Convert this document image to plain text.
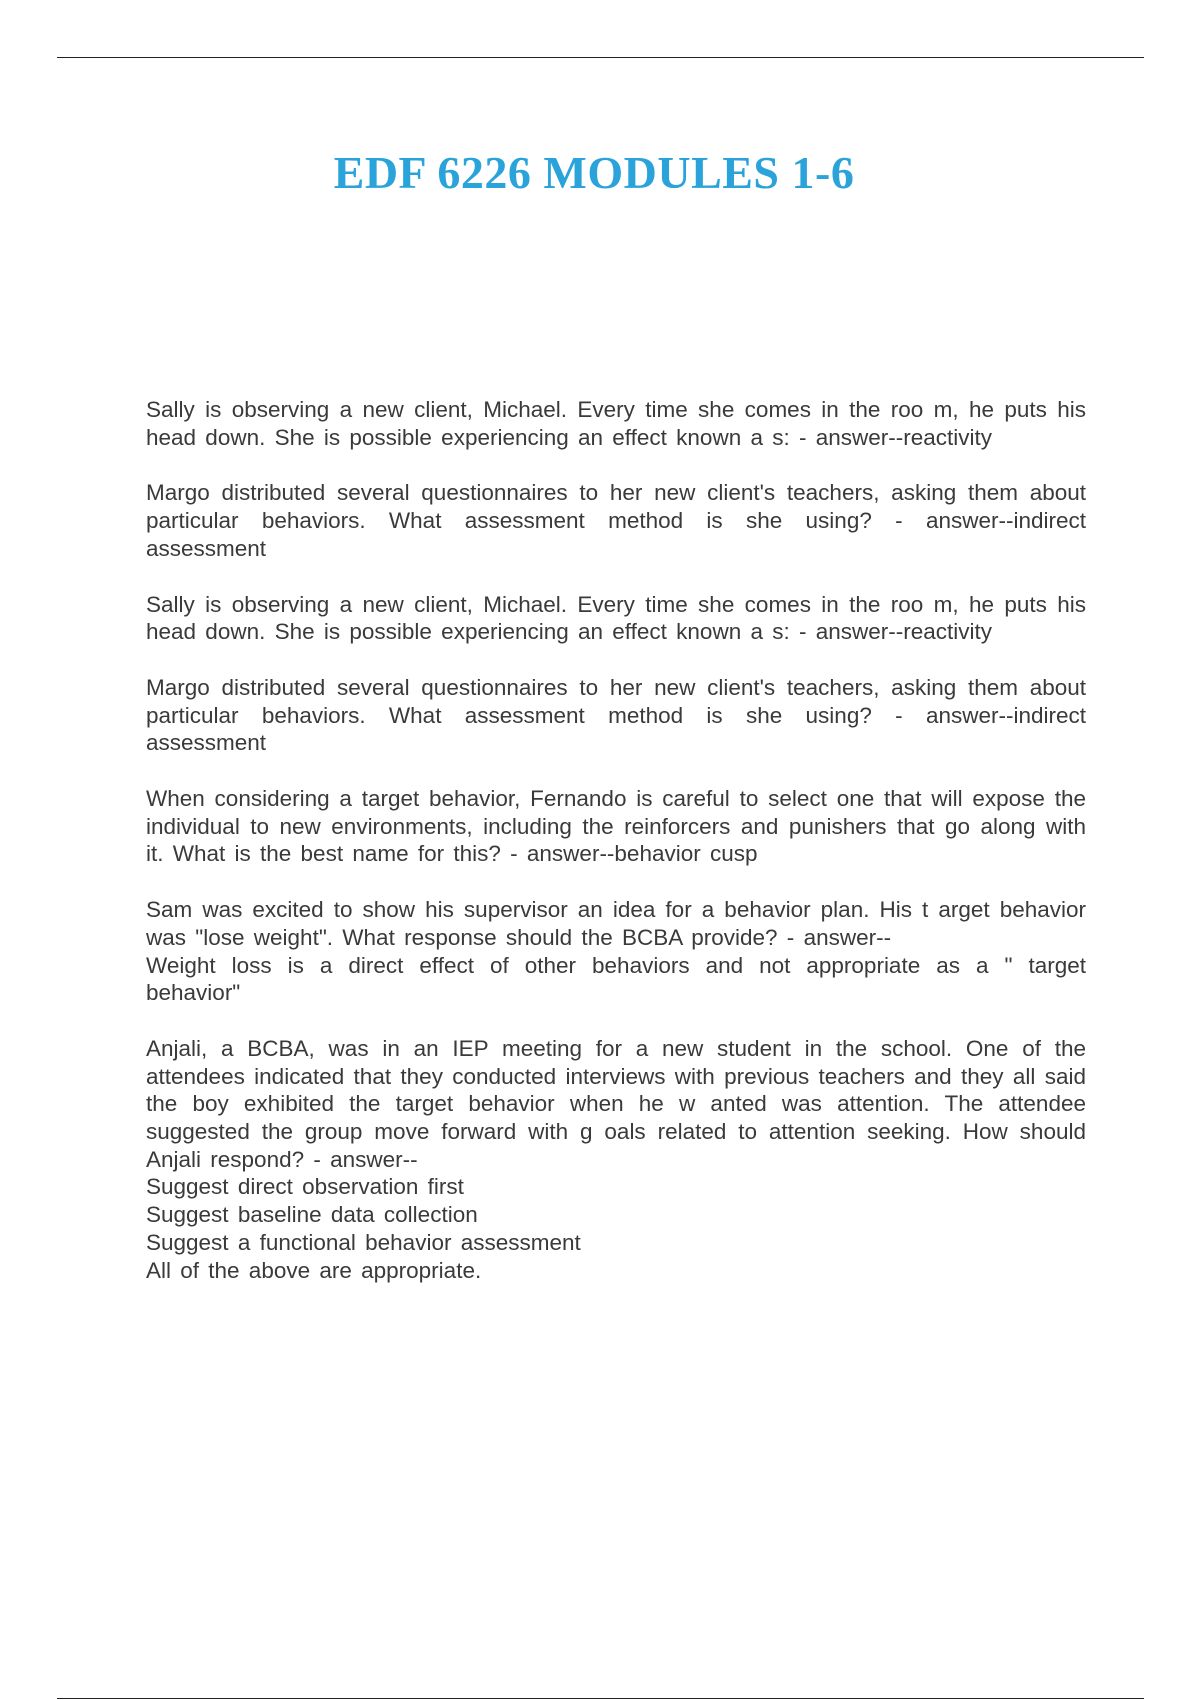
EDF 6226 MODULES 1-6

Sally is observing a new client, Michael. Every time she comes in the roo m, he puts his head down. She is possible experiencing an effect known a s: - answer--reactivity

Margo distributed several questionnaires to her new client's teachers, asking them about particular behaviors. What assessment method is she using? - answer--indirect assessment

Sally is observing a new client, Michael. Every time she comes in the roo m, he puts his head down. She is possible experiencing an effect known a s: - answer--reactivity

Margo distributed several questionnaires to her new client's teachers, asking them about particular behaviors. What assessment method is she using? - answer--indirect assessment

When considering a target behavior, Fernando is careful to select one that will expose the individual to new environments, including the reinforcers and punishers that go along with it. What is the best name for this? - answer--behavior cusp

Sam was excited to show his supervisor an idea for a behavior plan. His t arget behavior was "lose weight". What response should the BCBA provide? - answer--
Weight loss is a direct effect of other behaviors and not appropriate as a " target behavior"

Anjali, a BCBA, was in an IEP meeting for a new student in the school. One of the attendees indicated that they conducted interviews with previous teachers and they all said the boy exhibited the target behavior when he w anted was attention. The attendee suggested the group move forward with g oals related to attention seeking. How should Anjali respond? - answer--
Suggest direct observation first
Suggest baseline data collection
Suggest a functional behavior assessment
All of the above are appropriate.
